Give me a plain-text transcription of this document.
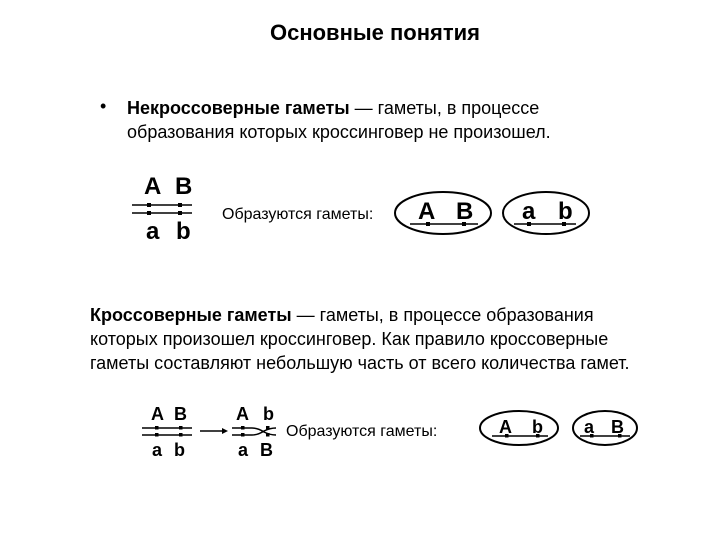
Основные понятия
• Некроссоверные гаметы — гаметы, в процессе образования которых кроссинговер не произошел.
A B
a b
Образуются гаметы: A B a b
Кроссоверные гаметы — гаметы, в процессе образования которых произошел кроссинговер. Как правило кроссоверные гаметы составляют небольшую часть от всего количества гамет.
A B
a b
A b
a B
Образуются гаметы:	A b a B
